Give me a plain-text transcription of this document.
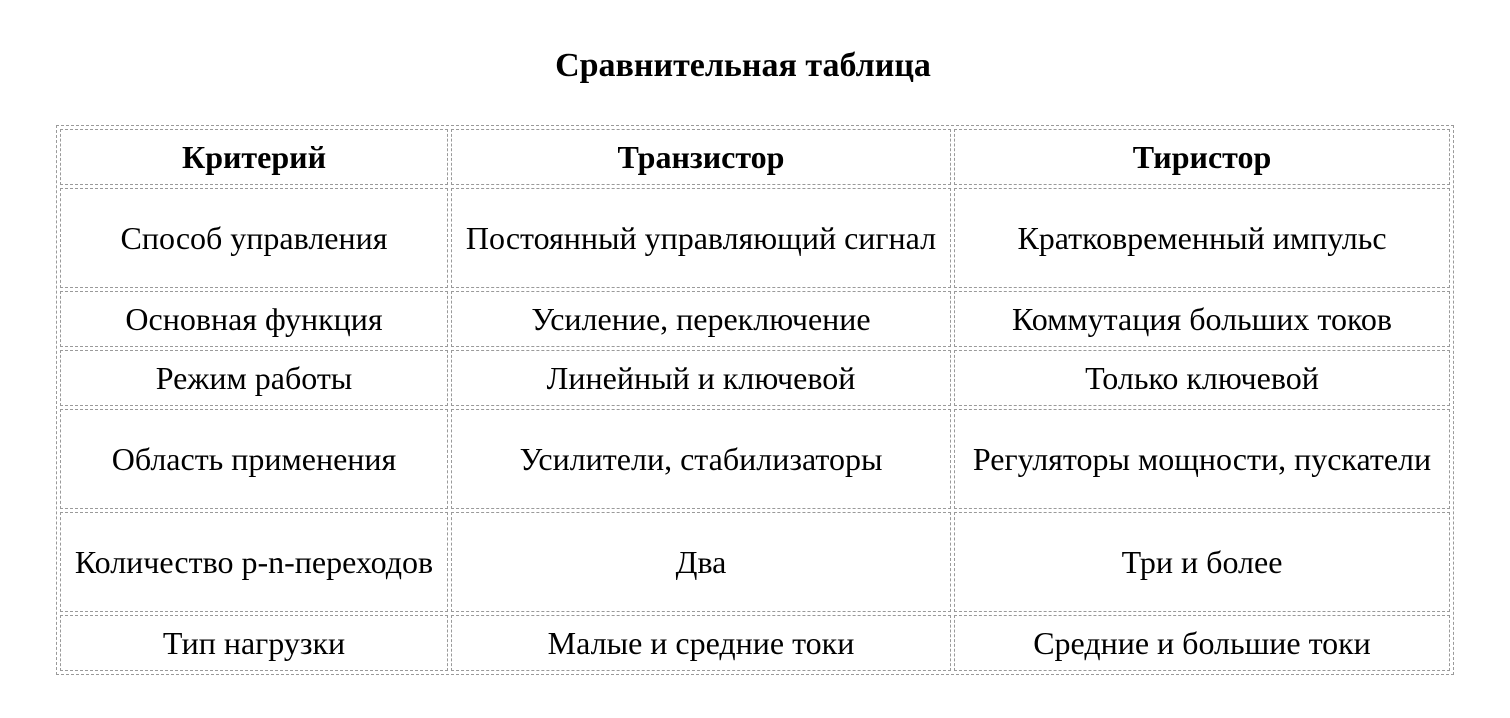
Сравнительная таблица
Критерий	Транзистор	Тиристор
Способ управления	Постоянный управляющий сигнал	Кратковременный импульс
Основная функция	Усиление, переключение	Коммутация больших токов
Режим работы	Линейный и ключевой	Только ключевой
Область применения	Усилители, стабилизаторы	Регуляторы мощности, пускатели
Количество p-n-переходов	Два	Три и более
Тип нагрузки	Малые и средние токи	Средние и большие токи
